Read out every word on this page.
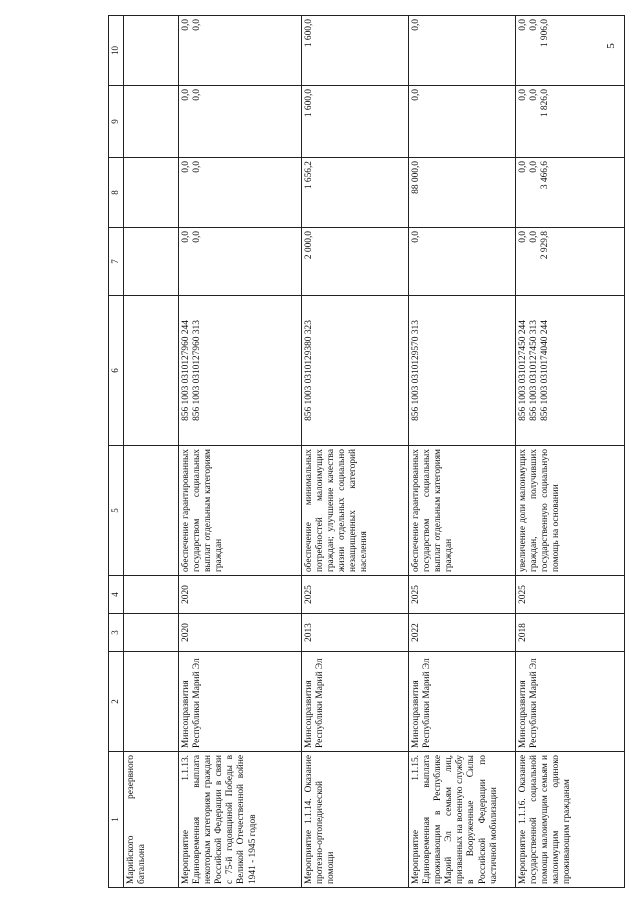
5
1	2	3	4	5	6	7	8	9	10
Марийского резервного батальона									
Мероприятие 1.1.13. Единовременная выплата некоторым категориям граждан Российской Федерации в связи с 75-й годовщиной Победы в Великой Отечественной войне 1941 - 1945 годов	Минсоцразвития Республики Марий Эл	2020	2020	обеспечение гарантированных государством социальных выплат отдельным категориям граждан	856 1003 0310127960 244 856 1003 0310127960 313	0,0 0,0	0,0 0,0	0,0 0,0	0,0 0,0

Мероприятие 1.1.14. Оказание протезно-ортопедической помощи	Минсоцразвития Республики Марий Эл	2013	2025	обеспечение минимальных потребностей малоимущих граждан; улучшение качества жизни отдельных социально незащищенных категорий населения	856 1003 0310129380 323	2 000,0	1 656,2	1 600,0	1 600,0

Мероприятие 1.1.15. Единовременная выплата проживающим в Республике Марий Эл семьям лиц, призванных на военную службу в Вооруженные Силы Российской Федерации по частичной мобилизации	Минсоцразвития Республики Марий Эл	2022	2025	обеспечение гарантированных государством социальных выплат отдельным категориям граждан	856 1003 0310129570 313	0,0	88 000,0	0,0	0,0

Мероприятие 1.1.16. Оказание государственной социальной помощи малоимущим семьям и малоимущим одиноко проживающим гражданам	Минсоцразвития Республики Марий Эл	2018	2025	увеличение доли малоимущих граждан, получивших государственную социальную помощь на основании	856 1003 0310127450 244 856 1003 0310127450 313 856 1003 0310174040 244	0,0 0,0 2 929,8	0,0 0,0 3 466,6	0,0 0,0 1 826,0	0,0 0,0 1 906,0
